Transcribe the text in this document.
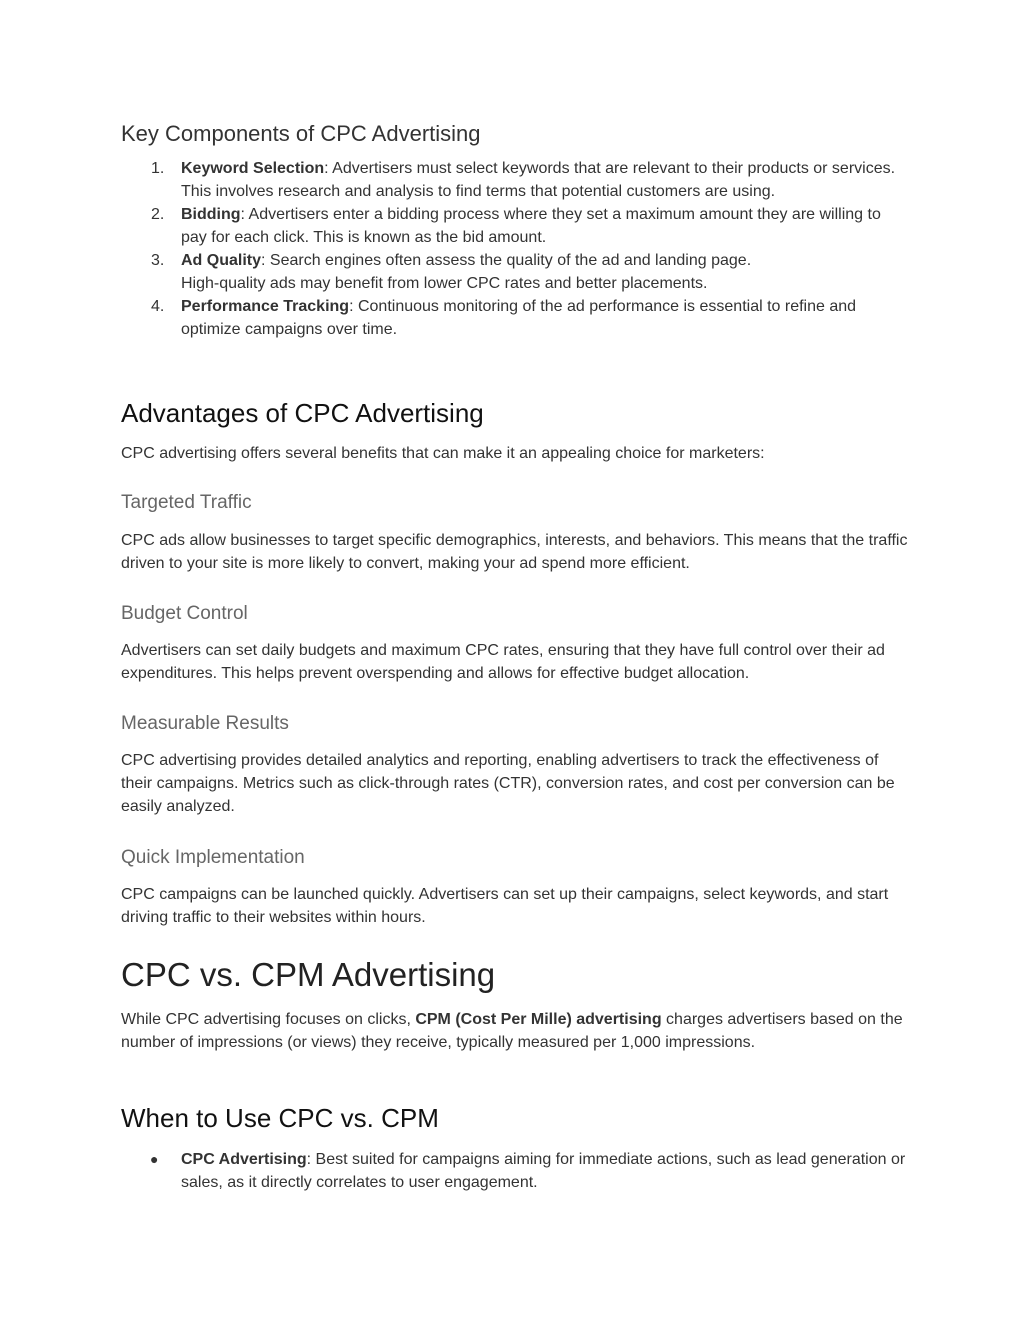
Key Components of CPC Advertising
1. Keyword Selection: Advertisers must select keywords that are relevant to their products or services. This involves research and analysis to find terms that potential customers are using.
2. Bidding: Advertisers enter a bidding process where they set a maximum amount they are willing to pay for each click. This is known as the bid amount.
3. Ad Quality: Search engines often assess the quality of the ad and landing page.
High-quality ads may benefit from lower CPC rates and better placements.
4. Performance Tracking: Continuous monitoring of the ad performance is essential to refine and optimize campaigns over time.
Advantages of CPC Advertising

CPC advertising offers several benefits that can make it an appealing choice for marketers:

Targeted Traffic

CPC ads allow businesses to target specific demographics, interests, and behaviors. This means that the traffic driven to your site is more likely to convert, making your ad spend more efficient.

Budget Control

Advertisers can set daily budgets and maximum CPC rates, ensuring that they have full control over their ad expenditures. This helps prevent overspending and allows for effective budget allocation.

Measurable Results

CPC advertising provides detailed analytics and reporting, enabling advertisers to track the effectiveness of their campaigns. Metrics such as click-through rates (CTR), conversion rates, and cost per conversion can be easily analyzed.

Quick Implementation

CPC campaigns can be launched quickly. Advertisers can set up their campaigns, select keywords, and start driving traffic to their websites within hours.

CPC vs. CPM Advertising

While CPC advertising focuses on clicks, CPM (Cost Per Mille) advertising charges advertisers based on the number of impressions (or views) they receive, typically measured per 1,000 impressions.

When to Use CPC vs. CPM
● CPC Advertising: Best suited for campaigns aiming for immediate actions, such as lead generation or sales, as it directly correlates to user engagement.
